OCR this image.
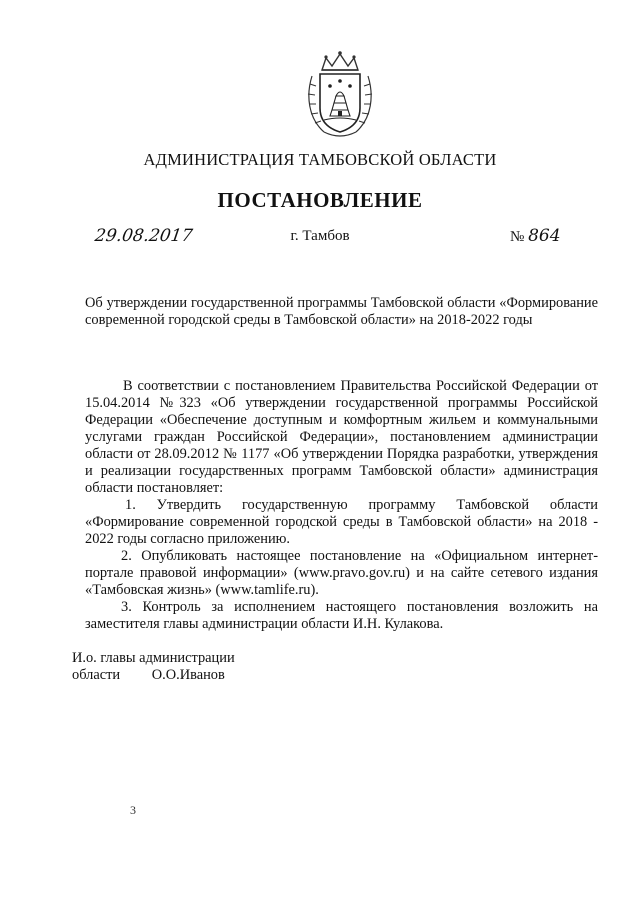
АДМИНИСТРАЦИЯ ТАМБОВСКОЙ ОБЛАСТИ
ПОСТАНОВЛЕНИЕ
29.08.2017	г. Тамбов	№ 864
Об утверждении государственной программы Тамбовской области «Формирование современной городской среды в Тамбовской области» на 2018-2022 годы

В соответствии с постановлением Правительства Российской Федерации от 15.04.2014 №323 «Об утверждении государственной программы Российской Федерации «Обеспечение доступным и комфортным жильем и коммунальными услугами граждан Российской Федерации», постановлением администрации области от 28.09.2012 № 1177 «Об утверждении Порядка разработки, утверждения и реализации государственных программ Тамбовской области» администрация области постановляет:

1. Утвердить государственную программу Тамбовской области «Формирование современной городской среды в Тамбовской области» на 2018 - 2022 годы согласно приложению.

2. Опубликовать настоящее постановление на «Официальном интернет-портале правовой информации» (www.pravo.gov.ru) и на сайте сетевого издания «Тамбовская жизнь» (www.tamlife.ru).

3. Контроль за исполнением настоящего постановления возложить на заместителя главы администрации области И.Н. Кулакова.

И.о. главы администрации
области О.О.Иванов
3
